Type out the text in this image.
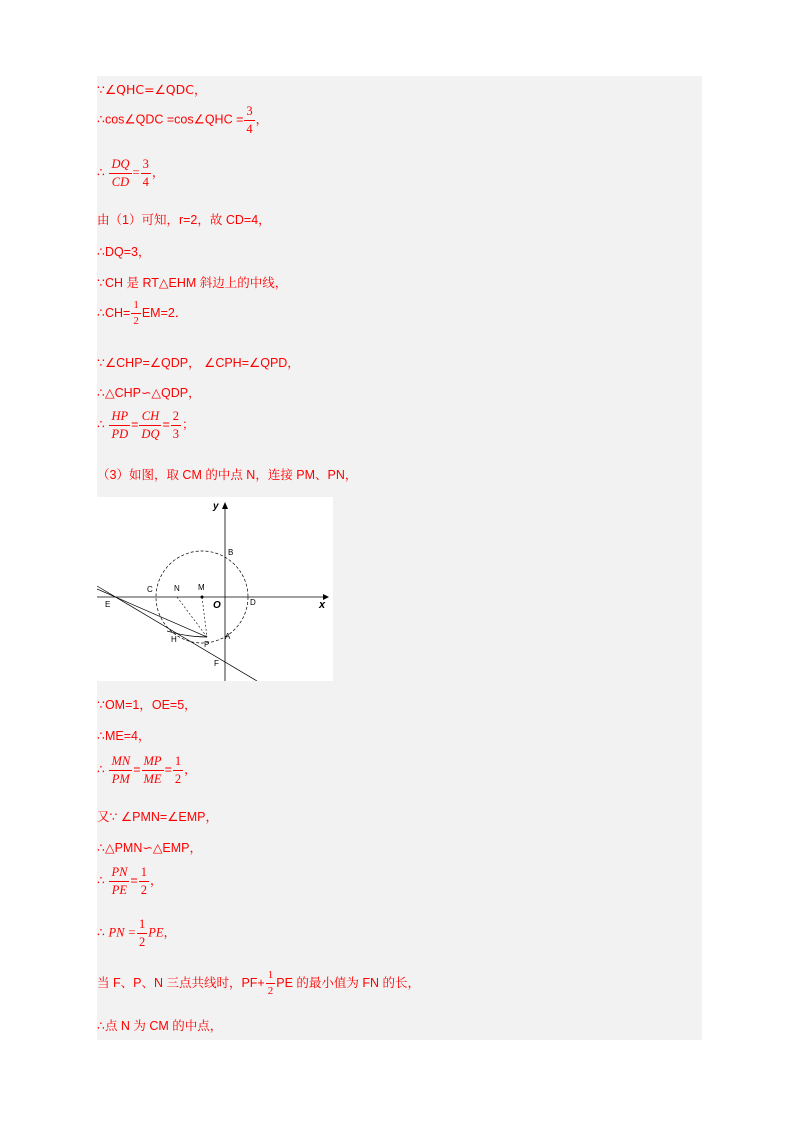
∵∠QHC=∠QDC，
∴cos∠QDC =cos∠QHC = $\frac{3}{4}$ ，
∴ $\frac{DQ}{CD} = \frac{3}{4}$ ，
由（1）可知，r=2，故 CD=4，
∴DQ=3，
∵CH 是 RT△EHM 斜边上的中线，
∴CH= $\frac{1}{2} EM=2$．
∵∠CHP=∠QDP， ∠CPH=∠QPD，
∴△CHP∽△QDP，
∴ $\frac{HP}{PD} = \frac{CH}{DQ} = \frac{2}{3}$ ；
（3）如图，取 CM 的中点 N，连接 PM、PN，
y
x
O
B
C	N M
D
E
H
P
A
F
∵OM=1，OE=5，
∴ME=4，
∴ $\frac{MN}{PM} = \frac{MP}{ME} = \frac{1}{2}$ ，
又∵ ∠PMN=∠EMP，
∴△PMN∽△EMP，
∴ $\frac{PN}{PE} = \frac{1}{2}$ ，
∴ PN = $\frac{1}{2}$ PE，
当 F、P、N 三点共线时，$PF+ \frac{1}{2}$ PE 的最小值为 FN 的长，
∴点 N 为 CM 的中点，
